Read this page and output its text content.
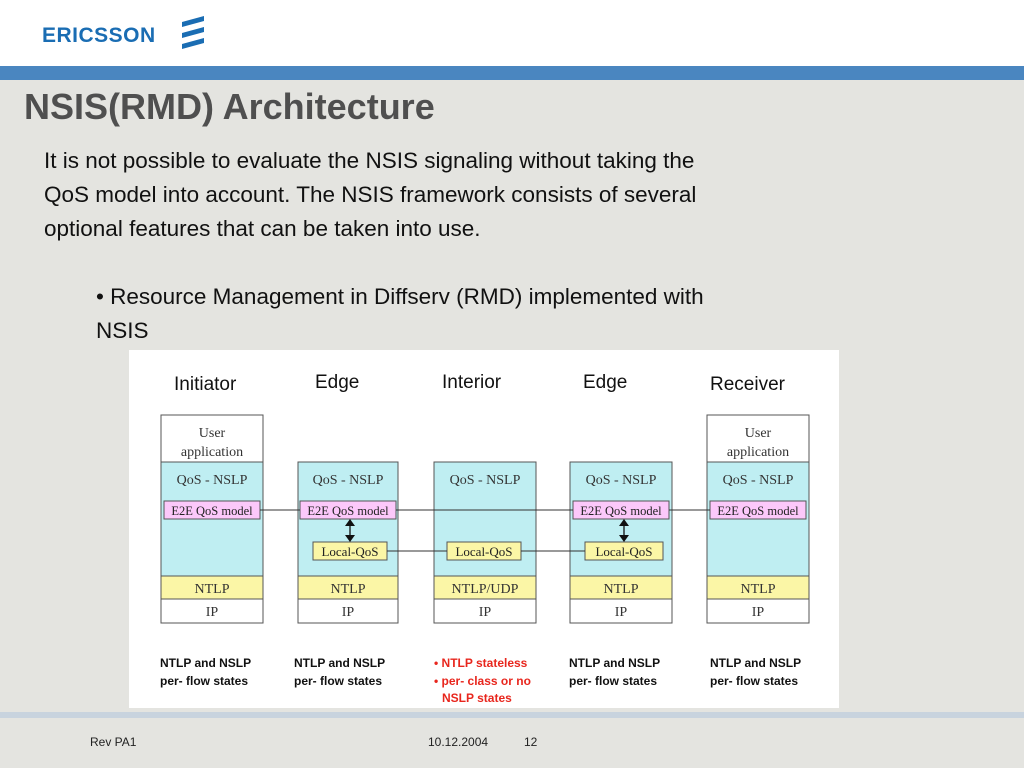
ERICSSON
NSIS(RMD) Architecture

It is not possible to evaluate the NSIS signaling without taking the
QoS model into account. The NSIS framework consists of several
optional features that can be taken into use.

• Resource Management in Diffserv (RMD) implemented with
NSIS

Initiator	Edge	Interior	Edge	Receiver
User
application
QoS - NSLP
E2E QoS model
NTLP
IP
QoS - NSLP
E2E QoS model
Local-QoS
NTLP
IP
QoS - NSLP
Local-QoS
NTLP/UDP
IP
QoS - NSLP
E2E QoS model
Local-QoS
NTLP
IP
User
application
QoS - NSLP
E2E QoS model
NTLP
IP
NTLP and NSLP
per- flow states
NTLP and NSLP
per- flow states
• NTLP stateless
• per- class or no
NSLP states
NTLP and NSLP
per- flow states
NTLP and NSLP
per- flow states
Rev PA1	10.12.2004	12
